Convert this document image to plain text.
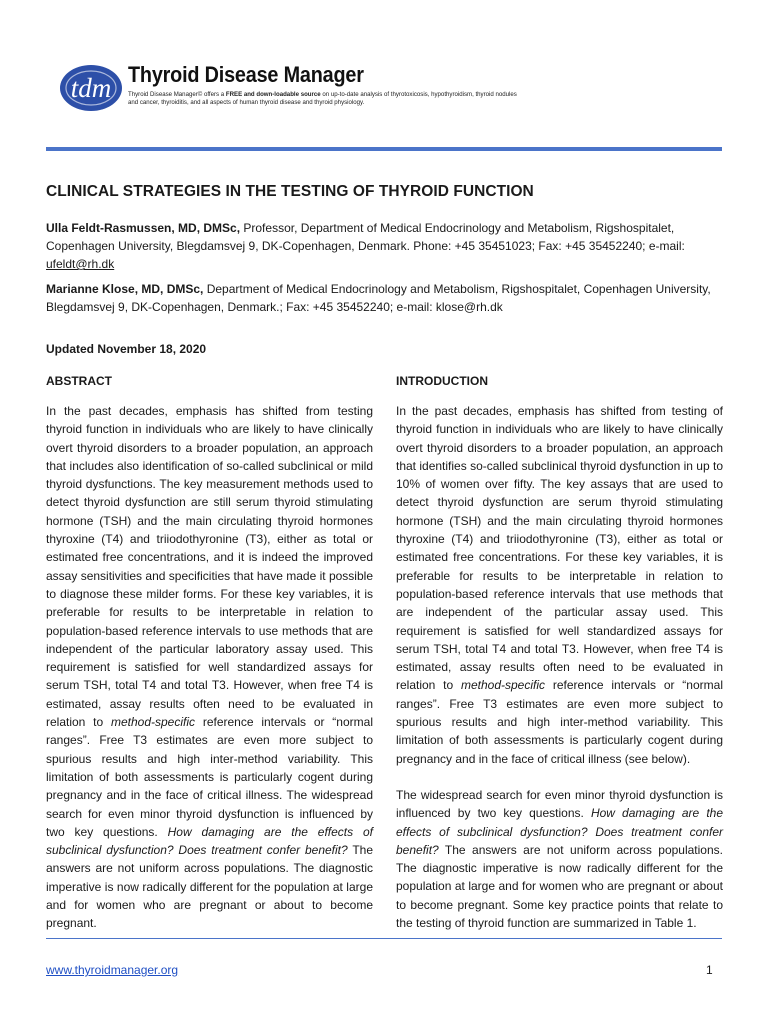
tdm Thyroid Disease Manager
Thyroid Disease Manager© offers a FREE and down-loadable source on up-to-date analysis of thyrotoxicosis, hypothyroidism, thyroid nodules and cancer, thyroiditis, and all aspects of human thyroid disease and thyroid physiology.
CLINICAL STRATEGIES IN THE TESTING OF THYROID FUNCTION

Ulla Feldt-Rasmussen, MD, DMSc, Professor, Department of Medical Endocrinology and Metabolism, Rigshospitalet, Copenhagen University, Blegdamsvej 9, DK-Copenhagen, Denmark. Phone: +45 35451023; Fax: +45 35452240; e-mail: ufeldt@rh.dk

Marianne Klose, MD, DMSc, Department of Medical Endocrinology and Metabolism, Rigshospitalet, Copenhagen University, Blegdamsvej 9, DK-Copenhagen, Denmark.; Fax: +45 35452240; e-mail: klose@rh.dk

Updated November 18, 2020

ABSTRACT

In the past decades, emphasis has shifted from testing thyroid function in individuals who are likely to have clinically overt thyroid disorders to a broader population, an approach that includes also identification of so-called subclinical or mild thyroid dysfunctions. The key measurement methods used to detect thyroid dysfunction are still serum thyroid stimulating hormone (TSH) and the main circulating thyroid hormones thyroxine (T4) and triiodothyronine (T3), either as total or estimated free concentrations, and it is indeed the improved assay sensitivities and specificities that have made it possible to diagnose these milder forms. For these key variables, it is preferable for results to be interpretable in relation to population-based reference intervals to use methods that are independent of the particular laboratory assay used. This requirement is satisfied for well standardized assays for serum TSH, total T4 and total T3. However, when free T4 is estimated, assay results often need to be evaluated in relation to method-specific reference intervals or “normal ranges”. Free T3 estimates are even more subject to spurious results and high inter-method variability. This limitation of both assessments is particularly cogent during pregnancy and in the face of critical illness. The widespread search for even minor thyroid dysfunction is influenced by two key questions. How damaging are the effects of subclinical dysfunction? Does treatment confer benefit? The answers are not uniform across populations. The diagnostic imperative is now radically different for the population at large and for women who are pregnant or about to become pregnant.

INTRODUCTION

In the past decades, emphasis has shifted from testing of thyroid function in individuals who are likely to have clinically overt thyroid disorders to a broader population, an approach that identifies so-called subclinical thyroid dysfunction in up to 10% of women over fifty. The key assays that are used to detect thyroid dysfunction are serum thyroid stimulating hormone (TSH) and the main circulating thyroid hormones thyroxine (T4) and triiodothyronine (T3), either as total or estimated free concentrations. For these key variables, it is preferable for results to be interpretable in relation to population-based reference intervals that use methods that are independent of the particular assay used. This requirement is satisfied for well standardized assays for serum TSH, total T4 and total T3. However, when free T4 is estimated, assay results often need to be evaluated in relation to method-specific reference intervals or “normal ranges”. Free T3 estimates are even more subject to spurious results and high inter-method variability. This limitation of both assessments is particularly cogent during pregnancy and in the face of critical illness (see below).

The widespread search for even minor thyroid dysfunction is influenced by two key questions. How damaging are the effects of subclinical dysfunction? Does treatment confer benefit? The answers are not uniform across populations. The diagnostic imperative is now radically different for the population at large and for women who are pregnant or about to become pregnant. Some key practice points that relate to the testing of thyroid function are summarized in Table 1.

www.thyroidmanager.org	1
